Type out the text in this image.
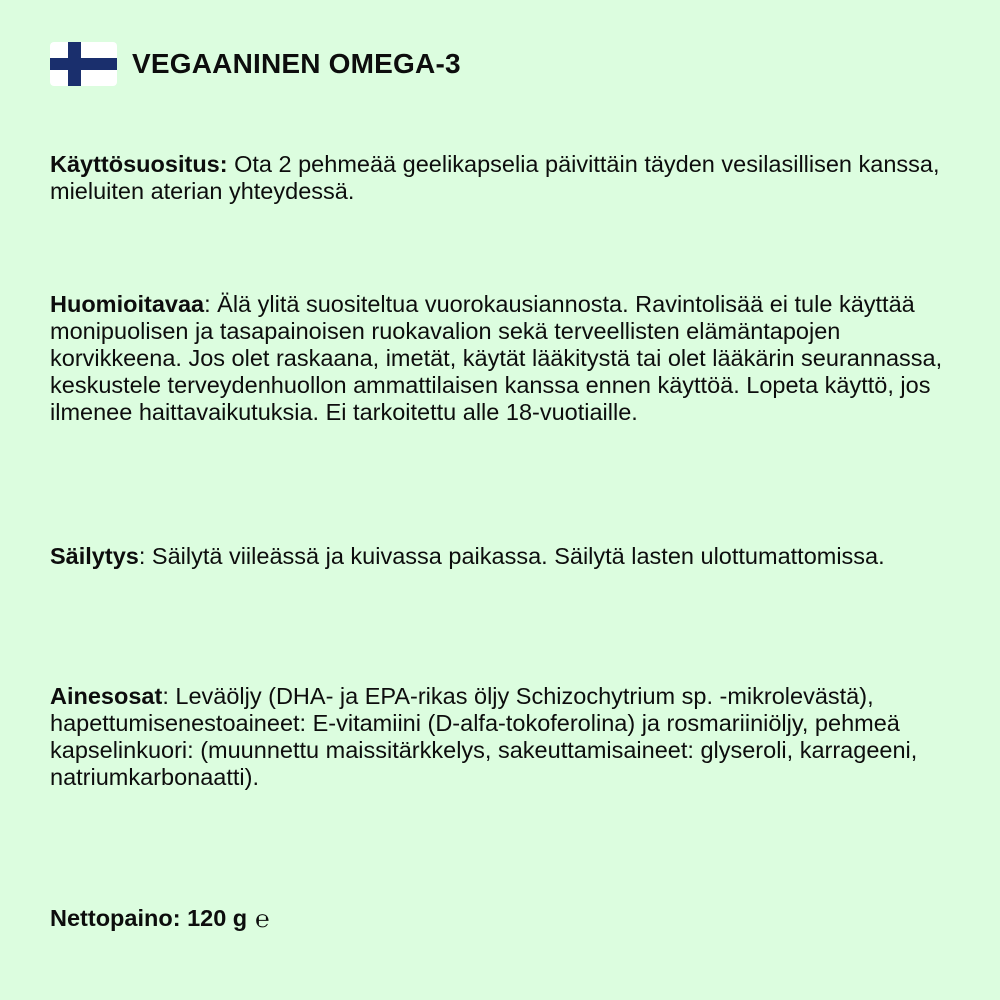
VEGAANINEN OMEGA-3
Käyttösuositus: Ota 2 pehmeää geelikapselia päivittäin täyden vesilasillisen kanssa, mieluiten aterian yhteydessä.
Huomioitavaa: Älä ylitä suositeltua vuorokausiannosta. Ravintolisää ei tule käyttää monipuolisen ja tasapainoisen ruokavalion sekä terveellisten elämäntapojen korvikkeena. Jos olet raskaana, imetät, käytät lääkitystä tai olet lääkärin seurannassa, keskustele terveydenhuollon ammattilaisen kanssa ennen käyttöä. Lopeta käyttö, jos ilmenee haittavaikutuksia. Ei tarkoitettu alle 18-vuotiaille.
Säilytys: Säilytä viileässä ja kuivassa paikassa. Säilytä lasten ulottumattomissa.
Ainesosat: Leväöljy (DHA- ja EPA-rikas öljy Schizochytrium sp. -mikrolevästä), hapettumisenestoaineet: E-vitamiini (D-alfa-tokoferolina) ja rosmariiniöljy, pehmeä kapselinkuori: (muunnettu maissitärkkelys, sakeuttamisaineet: glyseroli, karrageeni, natriumkarbonaatti).
Nettopaino: 120 g ℮
